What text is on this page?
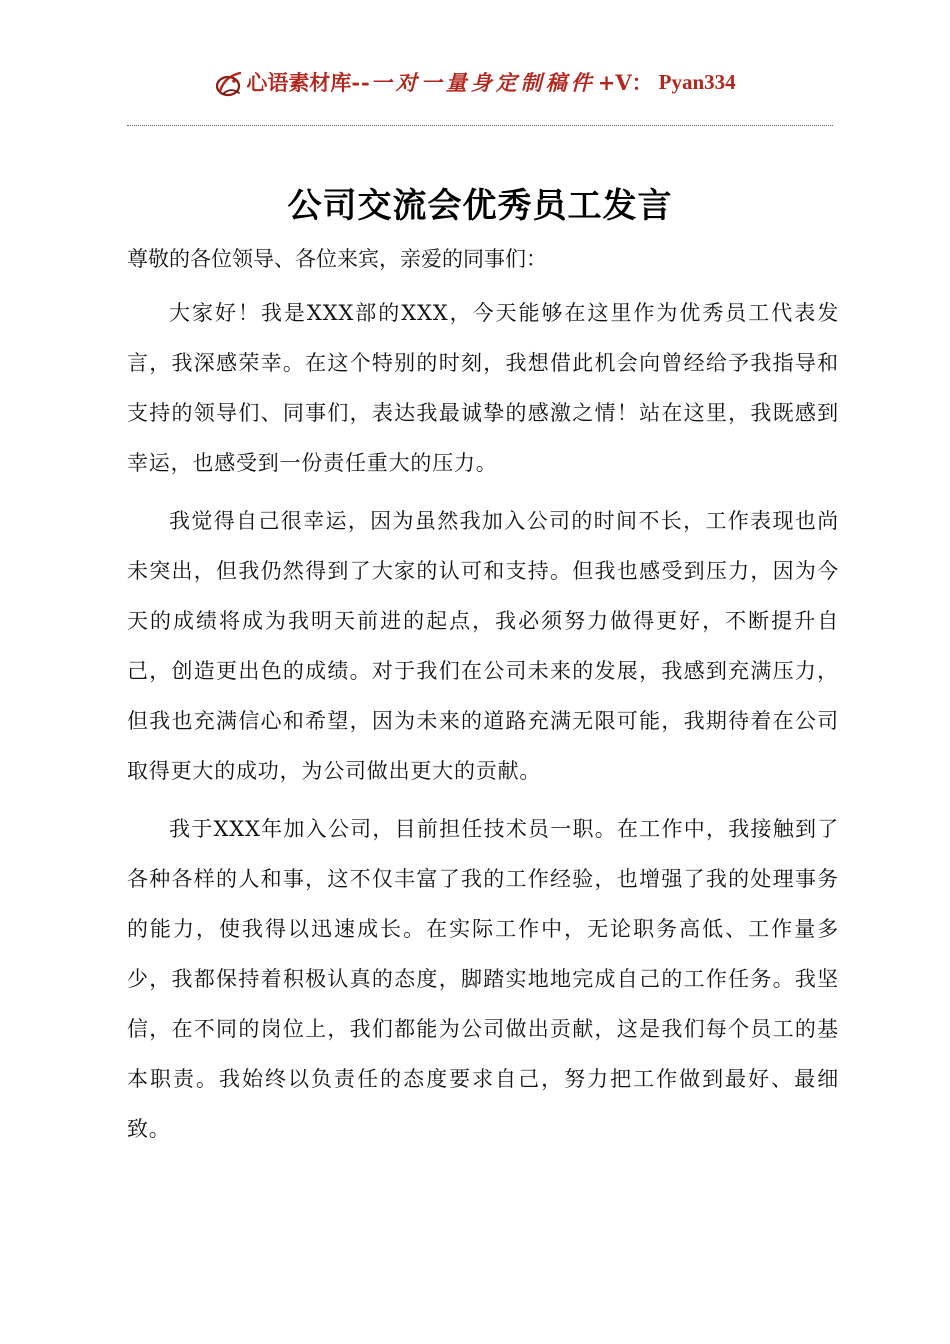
心语素材库 -- 一对一量身定制稿件 +V： Pyan334
公司交流会优秀员工发言

尊敬的各位领导、各位来宾，亲爱的同事们：

大家好！我是XXX部的XXX，今天能够在这里作为优秀员工代表发言，我深感荣幸。在这个特别的时刻，我想借此机会向曾经给予我指导和支持的领导们、同事们，表达我最诚挚的感激之情！站在这里，我既感到幸运，也感受到一份责任重大的压力。

我觉得自己很幸运，因为虽然我加入公司的时间不长，工作表现也尚未突出，但我仍然得到了大家的认可和支持。但我也感受到压力，因为今天的成绩将成为我明天前进的起点，我必须努力做得更好，不断提升自己，创造更出色的成绩。对于我们在公司未来的发展，我感到充满压力，但我也充满信心和希望，因为未来的道路充满无限可能，我期待着在公司取得更大的成功，为公司做出更大的贡献。

我于XXX年加入公司，目前担任技术员一职。在工作中，我接触到了各种各样的人和事，这不仅丰富了我的工作经验，也增强了我的处理事务的能力，使我得以迅速成长。在实际工作中，无论职务高低、工作量多少，我都保持着积极认真的态度，脚踏实地地完成自己的工作任务。我坚信，在不同的岗位上，我们都能为公司做出贡献，这是我们每个员工的基本职责。我始终以负责任的态度要求自己，努力把工作做到最好、最细致。
